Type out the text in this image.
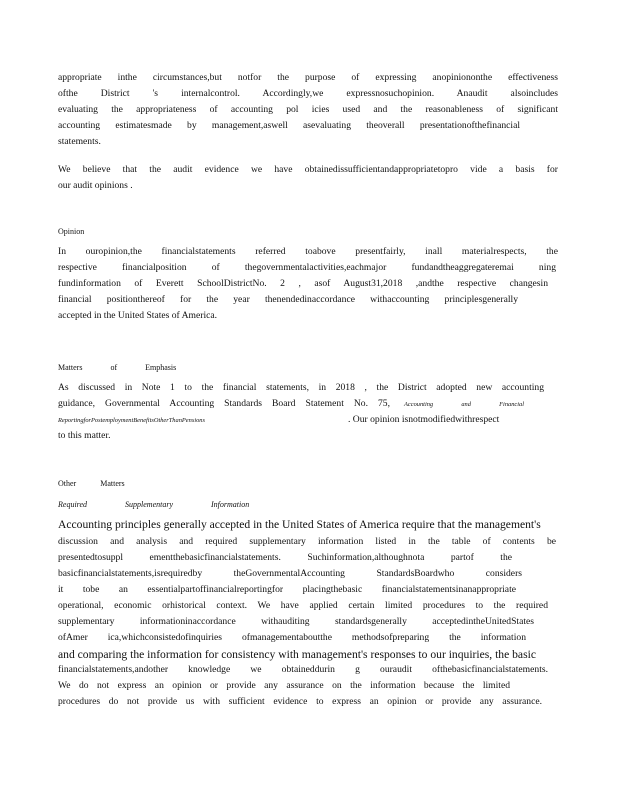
appropriate inthe circumstances,but notfor the purpose of expressing anopiniononthe effectiveness
ofthe District 's internalcontrol. Accordingly,we expressnosuchopinion. Anaudit alsoincludes
evaluating the appropriateness of accounting pol icies used and the reasonableness of significant
accounting estimatesmade by management,aswell asevaluating theoverall presentationofthefinancial
statements.
We believe that the audit evidence we have obtainedissufficientandappropriatetopro vide a basis for
our audit opinions .
Opinion
In ouropinion,the financialstatements referred toabove presentfairly, inall materialrespects, the
respective financialposition of thegovernmentalactivities,eachmajor fundandtheaggregateremai ning
fundinformation of Everett SchoolDistrictNo. 2 , asof August31,2018 ,andthe respective changesin
financial positionthereof for the year thenendedinaccordance withaccounting principlesgenerally
accepted in the United States of America.
Matters of Emphasis
As discussed in Note 1 to the financial statements, in 2018 , the District adopted new accounting
guidance, Governmental Accounting Standards Board Statement No. 75, Accounting and Financial
ReportingforPostemploymentBenefitsOtherThanPensions	. Our opinion isnotmodifiedwithrespect
to this matter.
Other Matters
Required Supplementary Information
Accounting principles generally accepted in the United States of America require that the management's
discussion and analysis and required supplementary information listed in the table of contents be
presentedtosuppl ementthebasicfinancialstatements. Suchinformation,althoughnota partof the
basicfinancialstatements,isrequiredby theGovernmentalAccounting StandardsBoardwho considers
it tobe an essentialpartoffinancialreportingfor placingthebasic financialstatementsinanappropriate
operational, economic orhistorical context. We have applied certain limited procedures to the required
supplementary informationinaccordance withauditing standardsgenerally acceptedintheUnitedStates
ofAmer ica,whichconsistedofinquiries ofmanagementaboutthe methodsofpreparing the information
and comparing the information for consistency with management's responses to our inquiries, the basic
financialstatements,andother knowledge we obtaineddurin g ouraudit ofthebasicfinancialstatements.
We do not express an opinion or provide any assurance on the information because the limited
procedures do not provide us with sufficient evidence to express an opinion or provide any assurance.
